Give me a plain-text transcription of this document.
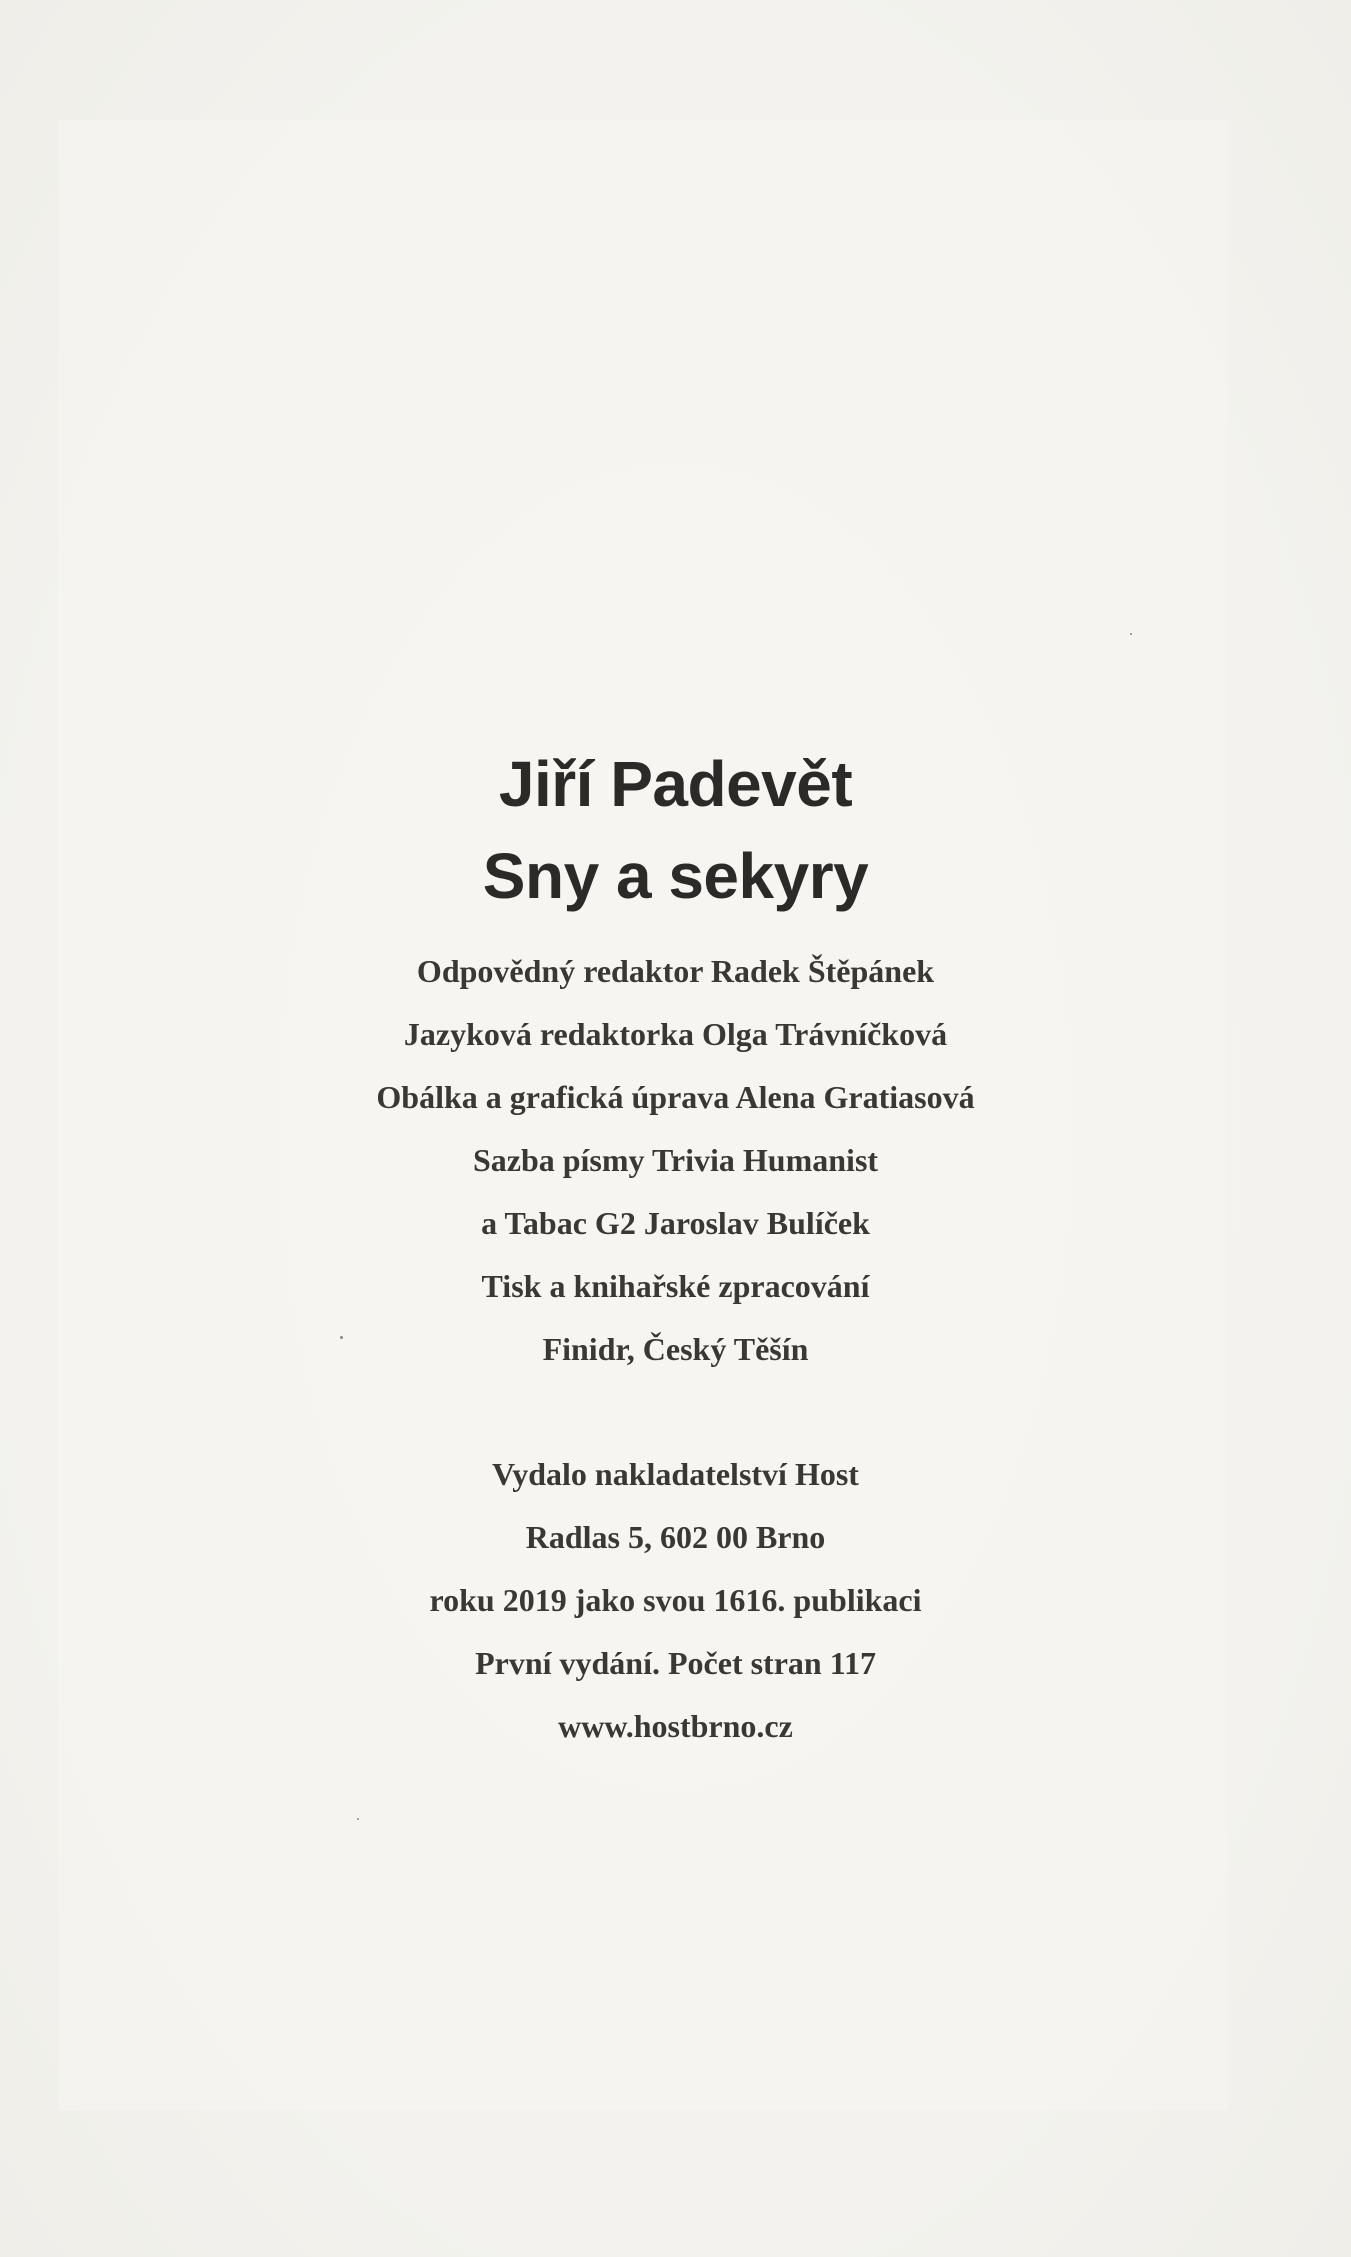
Jiří Padevět
Sny a sekyry
Odpovědný redaktor Radek Štěpánek
Jazyková redaktorka Olga Trávníčková
Obálka a grafická úprava Alena Gratiasová
Sazba písmy Trivia Humanist
a Tabac G2 Jaroslav Bulíček
Tisk a knihařské zpracování
Finidr, Český Těšín
Vydalo nakladatelství Host
Radlas 5, 602 00 Brno
roku 2019 jako svou 1616. publikaci
První vydání. Počet stran 117
www.hostbrno.cz
